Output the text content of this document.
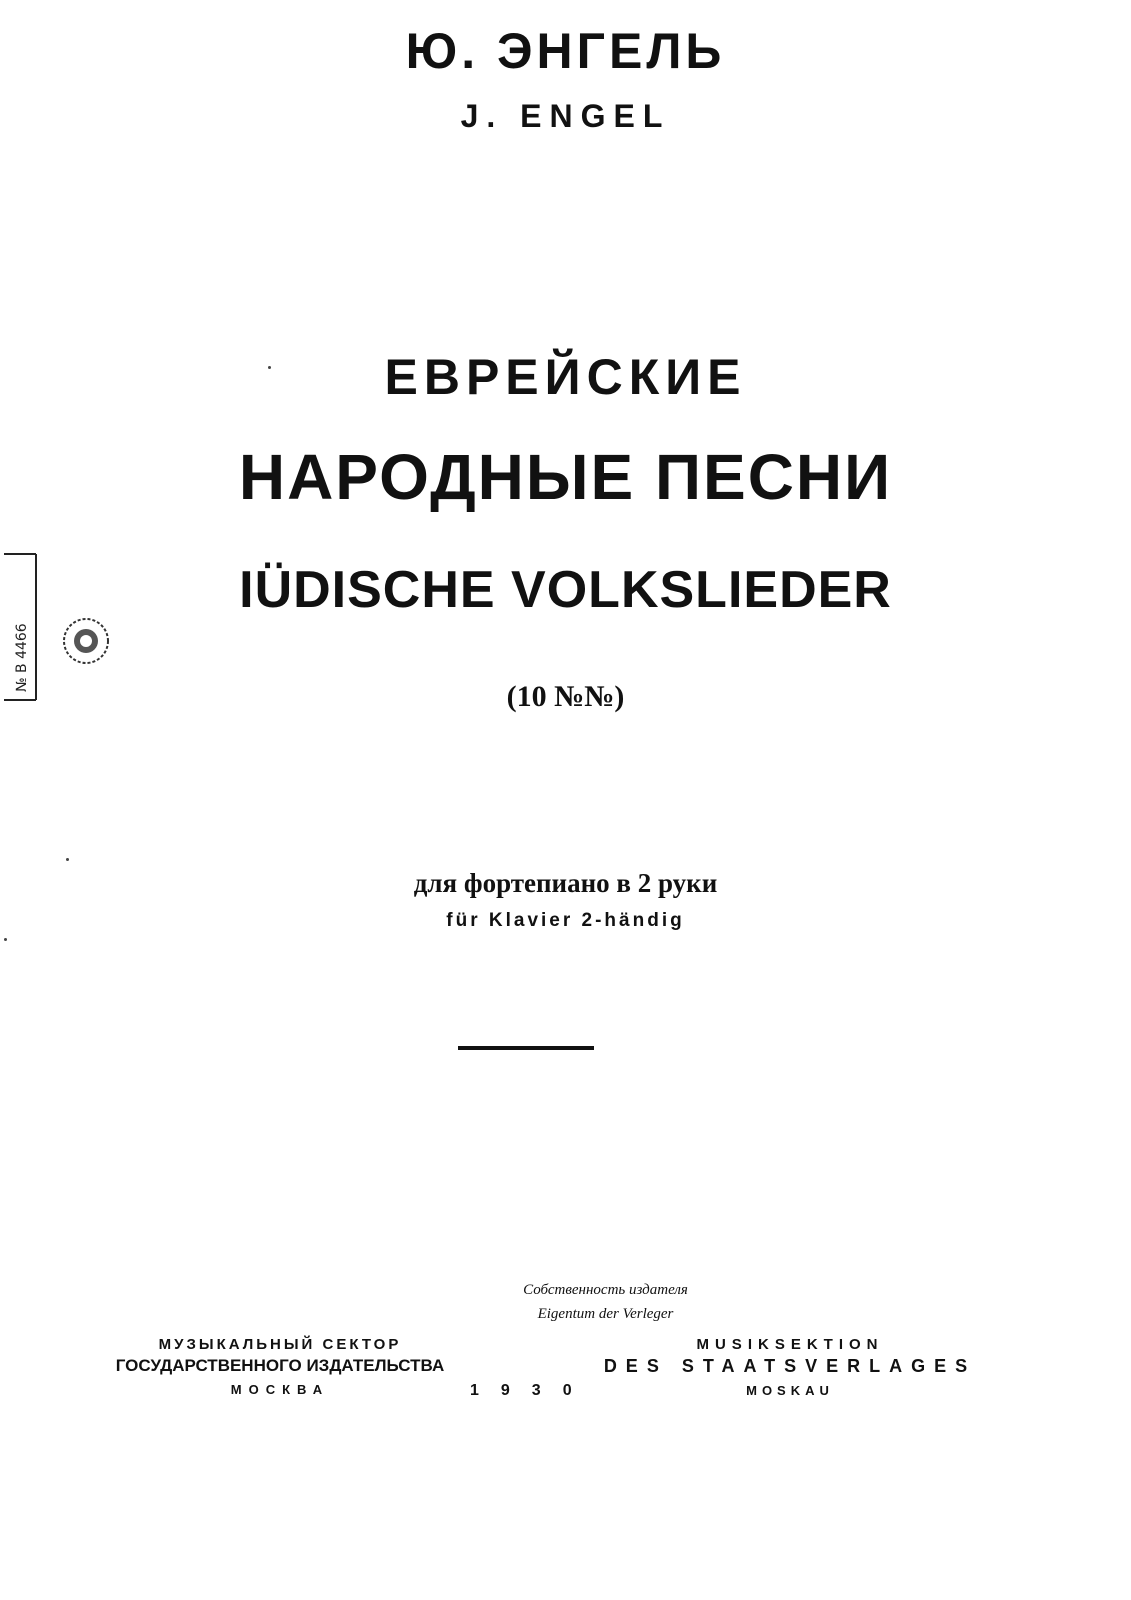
Ю. ЭНГЕЛЬ

J. ENGEL

ЕВРЕЙСКИЕ

НАРОДНЫЕ ПЕСНИ

IÜDISCHE VOLKSLIEDER

(10 №№)

для фортепиано в 2 руки

für Klavier 2-händig

Собственность издателя

Eigentum der Verleger

МУЗЫКАЛЬНЫЙ СЕКТОР
ГОСУДАРСТВЕННОГО ИЗДАТЕЛЬСТВА
МОСКВА	1930
MUSIKSEKTION
DES STAATSVERLAGES
MOSKAU
№ В 4466
